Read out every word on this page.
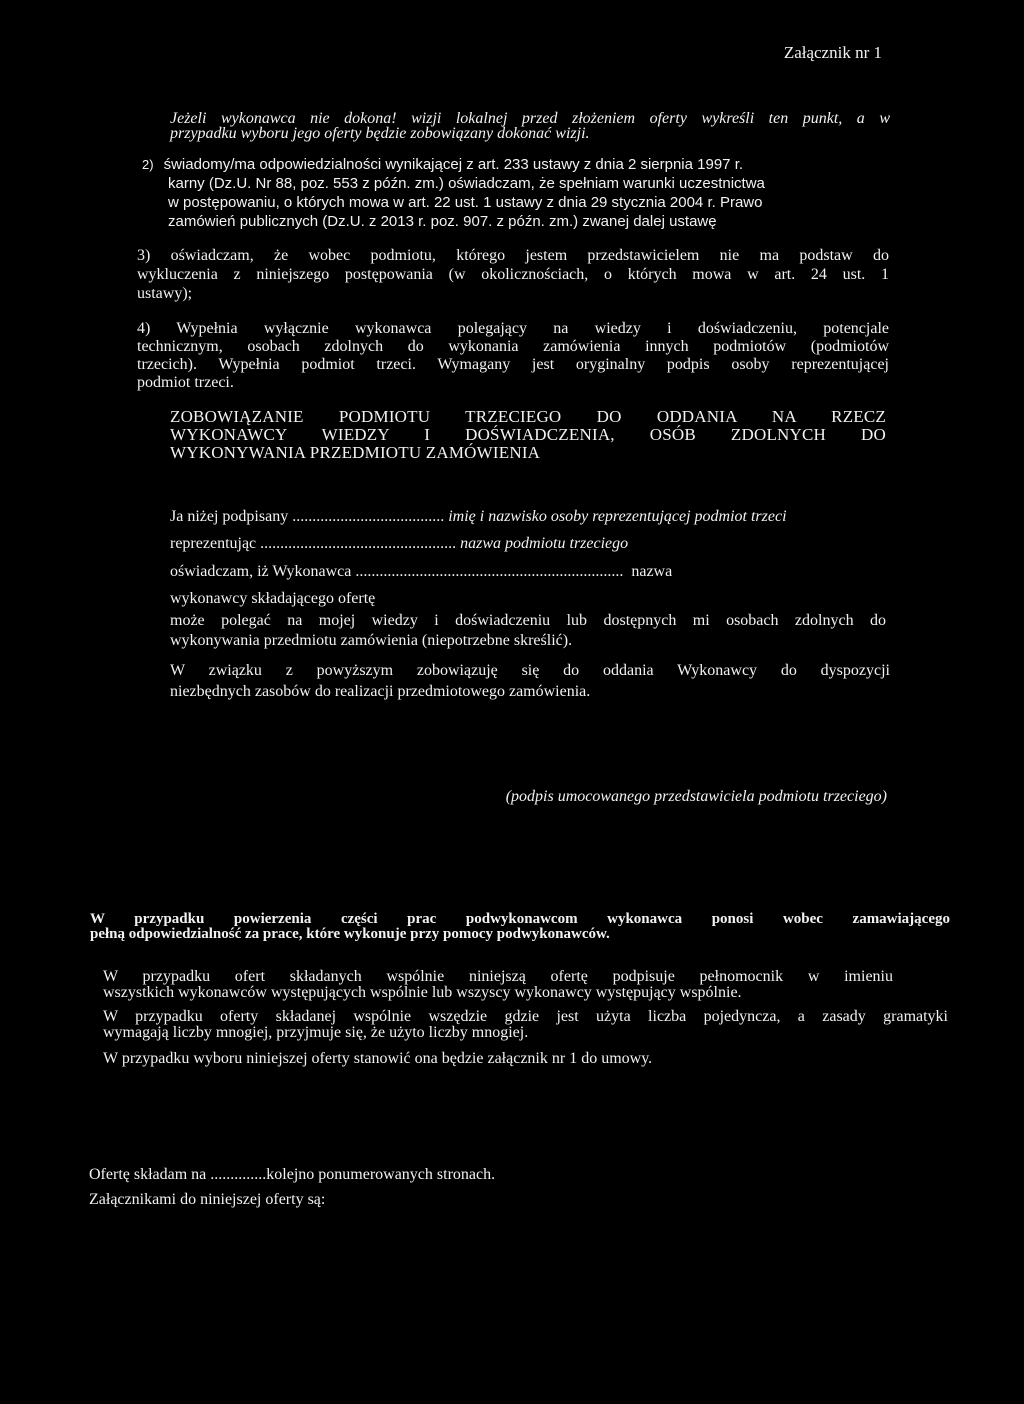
Załącznik nr 1
Jeżeli wykonawca nie dokona! wizji lokalnej przed złożeniem oferty wykreśli ten punkt, a w
przypadku wyboru jego oferty będzie zobowiązany dokonać wizji.
2) świadomy/ma odpowiedzialności wynikającej z art. 233 ustawy z dnia 2 sierpnia 1997 r.
karny (Dz.U. Nr 88, poz. 553 z późn. zm.) oświadczam, że spełniam warunki uczestnictwa
w postępowaniu, o których mowa w art. 22 ust. 1 ustawy z dnia 29 stycznia 2004 r. Prawo
zamówień publicznych (Dz.U. z 2013 r. poz. 907. z późn. zm.) zwanej dalej ustawę
3) oświadczam, że wobec podmiotu, którego jestem przedstawicielem nie ma podstaw do
wykluczenia z niniejszego postępowania (w okolicznościach, o których mowa w art. 24 ust. 1
ustawy);
4) Wypełnia wyłącznie wykonawca polegający na wiedzy i doświadczeniu, potencjale
technicznym, osobach zdolnych do wykonania zamówienia innych podmiotów (podmiotów
trzecich). Wypełnia podmiot trzeci. Wymagany jest oryginalny podpis osoby reprezentującej
podmiot trzeci.
ZOBOWIĄZANIE PODMIOTU TRZECIEGO DO ODDANIA NA RZECZ
WYKONAWCY WIEDZY I DOŚWIADCZENIA, OSÓB ZDOLNYCH DO
WYKONYWANIA PRZEDMIOTU ZAMÓWIENIA
Ja niżej podpisany ...................................... imię i nazwisko osoby reprezentującej podmiot trzeci
reprezentując ................................................. nazwa podmiotu trzeciego
oświadczam, iż Wykonawca ................................................................... nazwa
wykonawcy składającego ofertę
może polegać na mojej wiedzy i doświadczeniu lub dostępnych mi osobach zdolnych do
wykonywania przedmiotu zamówienia (niepotrzebne skreślić).
W związku z powyższym zobowiązuję się do oddania Wykonawcy do dyspozycji
niezbędnych zasobów do realizacji przedmiotowego zamówienia.
(podpis umocowanego przedstawiciela podmiotu trzeciego)
W przypadku powierzenia części prac podwykonawcom wykonawca ponosi wobec zamawiającego
pełną odpowiedzialność za prace, które wykonuje przy pomocy podwykonawców.
W przypadku ofert składanych wspólnie niniejszą ofertę podpisuje pełnomocnik w imieniu
wszystkich wykonawców występujących wspólnie lub wszyscy wykonawcy występujący wspólnie.
W przypadku oferty składanej wspólnie wszędzie gdzie jest użyta liczba pojedyncza, a zasady gramatyki
wymagają liczby mnogiej, przyjmuje się, że użyto liczby mnogiej.
W przypadku wyboru niniejszej oferty stanowić ona będzie załącznik nr 1 do umowy.
Ofertę składam na ..............kolejno ponumerowanych stronach.
Załącznikami do niniejszej oferty są:
